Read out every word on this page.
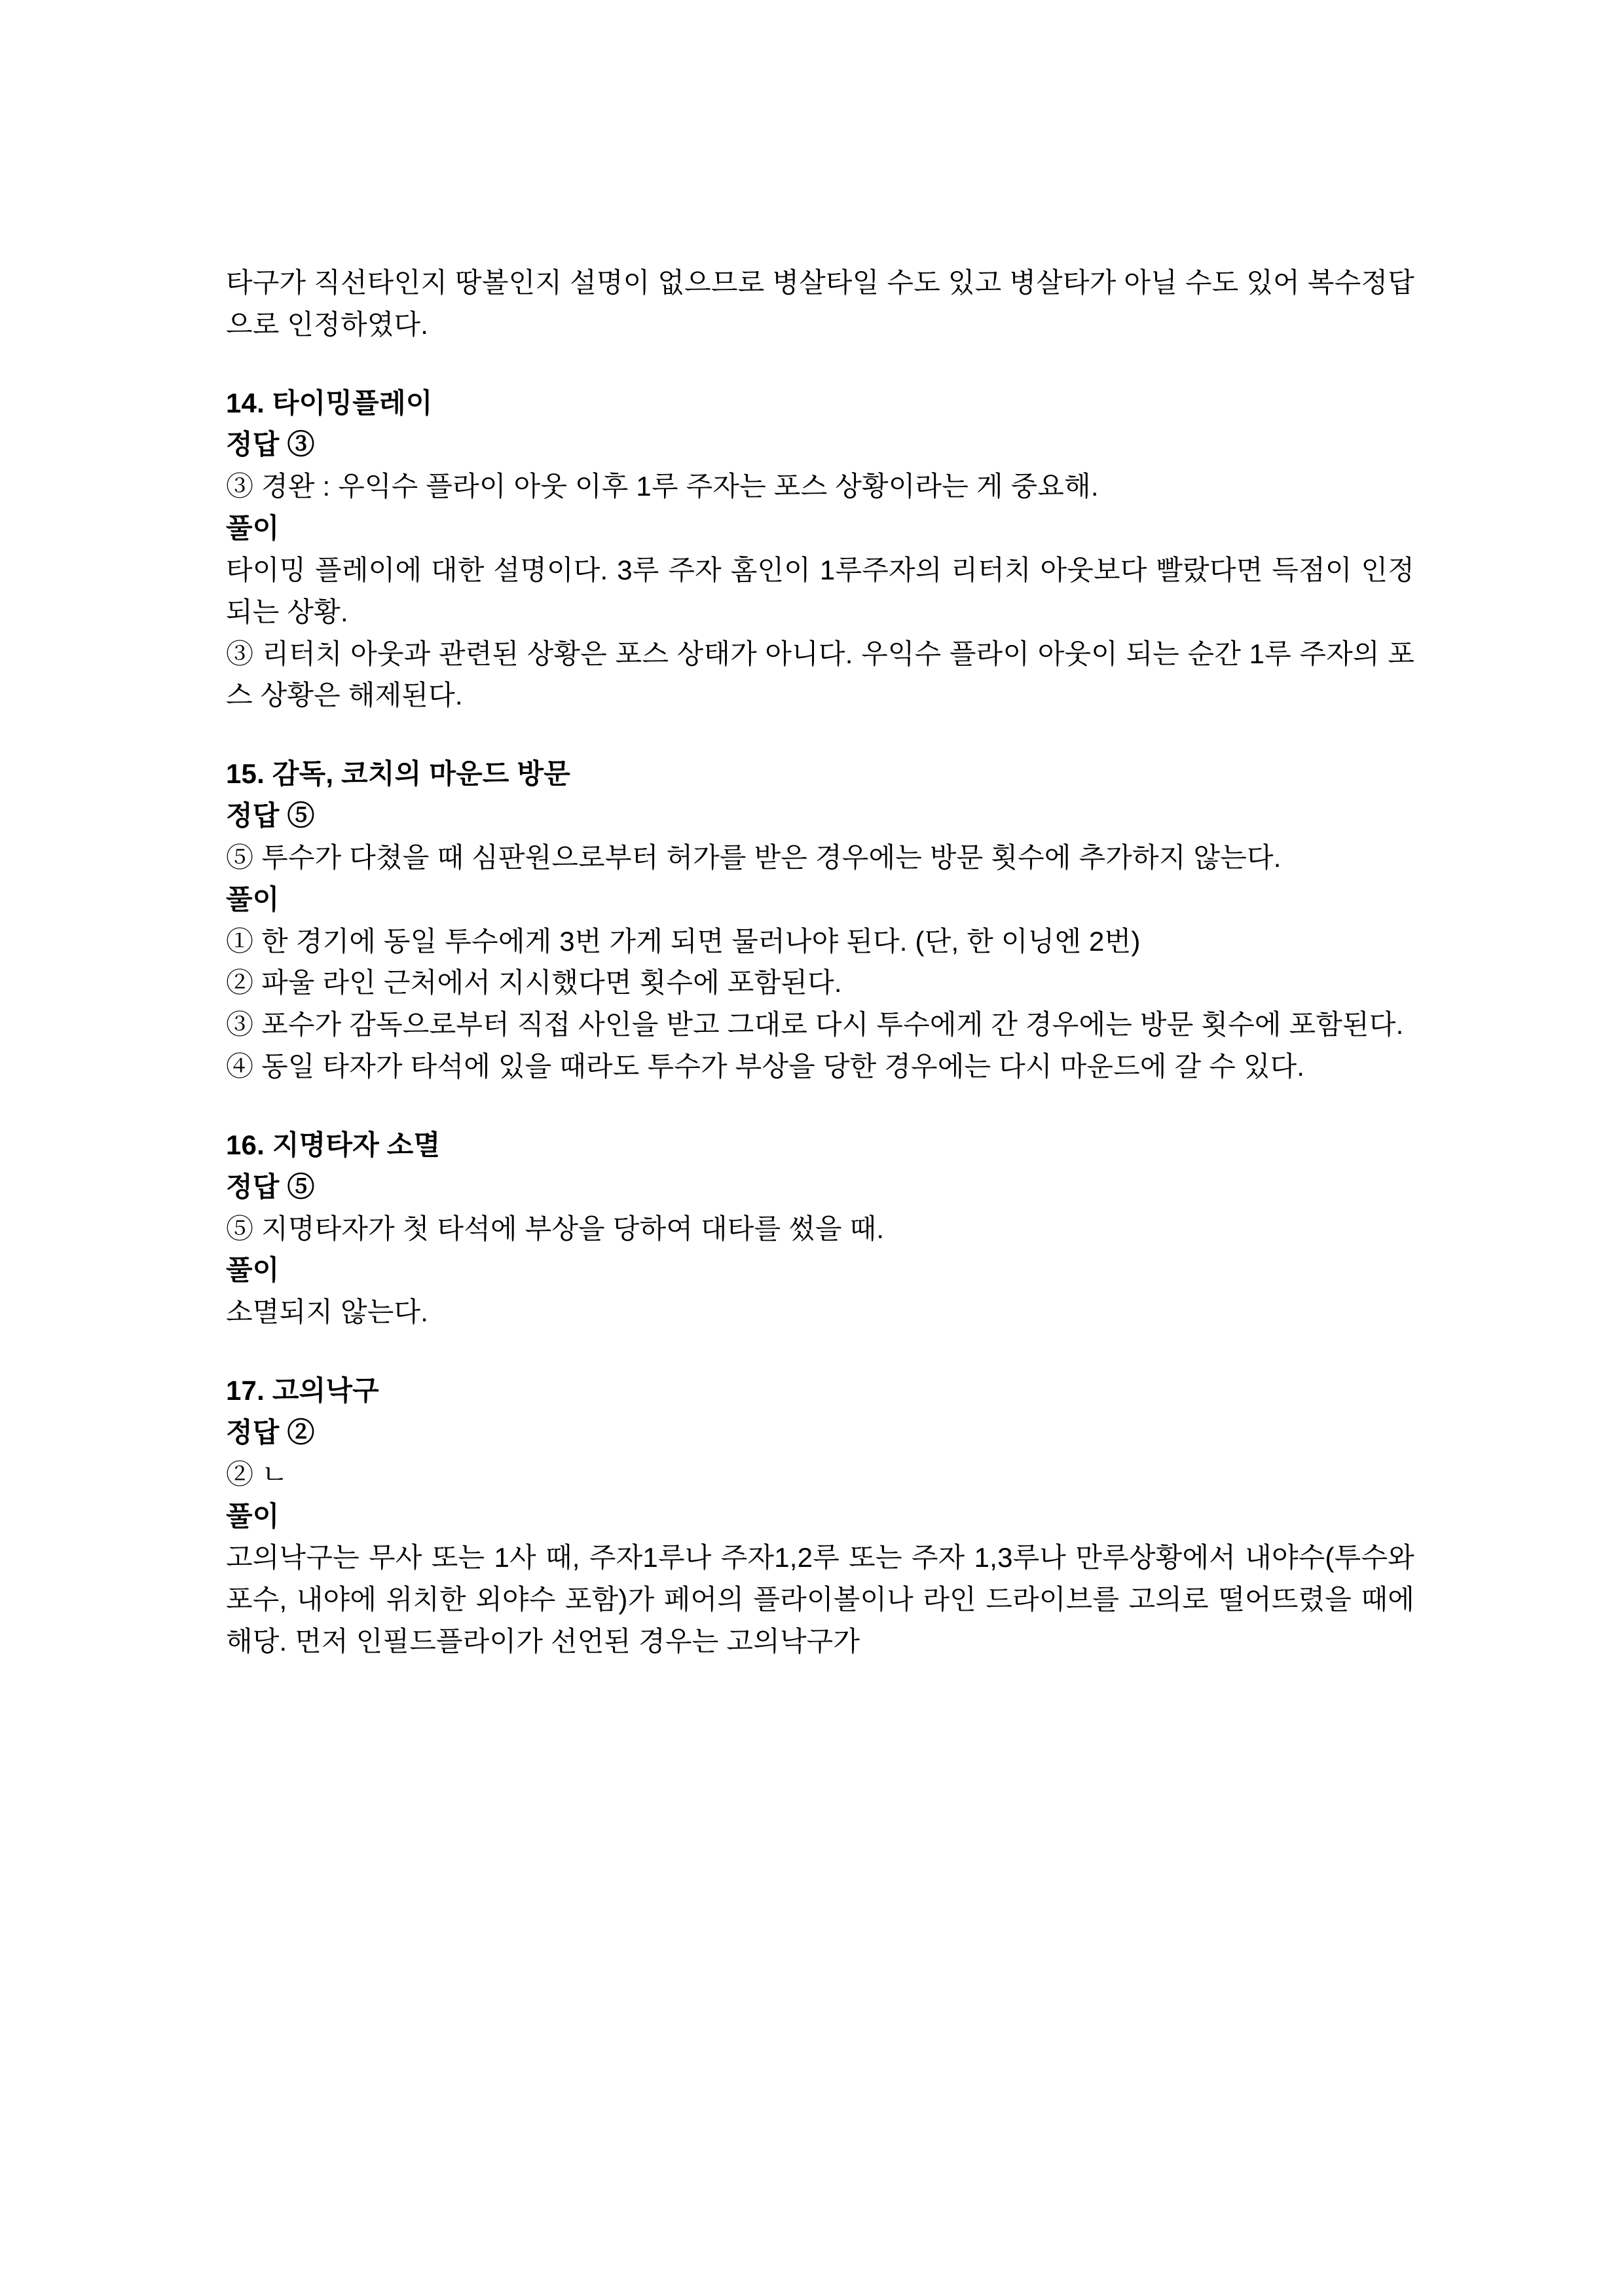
타구가 직선타인지 땅볼인지 설명이 없으므로 병살타일 수도 있고 병살타가 아닐 수도 있어 복수정답으로 인정하였다.

14. 타이밍플레이

정답 ③

③ 경완 : 우익수 플라이 아웃 이후 1루 주자는 포스 상황이라는 게 중요해.

풀이

타이밍 플레이에 대한 설명이다. 3루 주자 홈인이 1루주자의 리터치 아웃보다 빨랐다면 득점이 인정되는 상황.

③ 리터치 아웃과 관련된 상황은 포스 상태가 아니다. 우익수 플라이 아웃이 되는 순간 1루 주자의 포스 상황은 해제된다.

15. 감독, 코치의 마운드 방문

정답 ⑤

⑤ 투수가 다쳤을 때 심판원으로부터 허가를 받은 경우에는 방문 횟수에 추가하지 않는다.

풀이

① 한 경기에 동일 투수에게 3번 가게 되면 물러나야 된다. (단, 한 이닝엔 2번)

② 파울 라인 근처에서 지시했다면 횟수에 포함된다.

③ 포수가 감독으로부터 직접 사인을 받고 그대로 다시 투수에게 간 경우에는 방문 횟수에 포함된다.

④ 동일 타자가 타석에 있을 때라도 투수가 부상을 당한 경우에는 다시 마운드에 갈 수 있다.

16. 지명타자 소멸

정답 ⑤

⑤ 지명타자가 첫 타석에 부상을 당하여 대타를 썼을 때.

풀이

소멸되지 않는다.

17. 고의낙구

정답 ②

② ㄴ

풀이

고의낙구는 무사 또는 1사 때, 주자1루나 주자1,2루 또는 주자 1,3루나 만루상황에서 내야수(투수와 포수, 내야에 위치한 외야수 포함)가 페어의 플라이볼이나 라인 드라이브를 고의로 떨어뜨렸을 때에 해당. 먼저 인필드플라이가 선언된 경우는 고의낙구가
